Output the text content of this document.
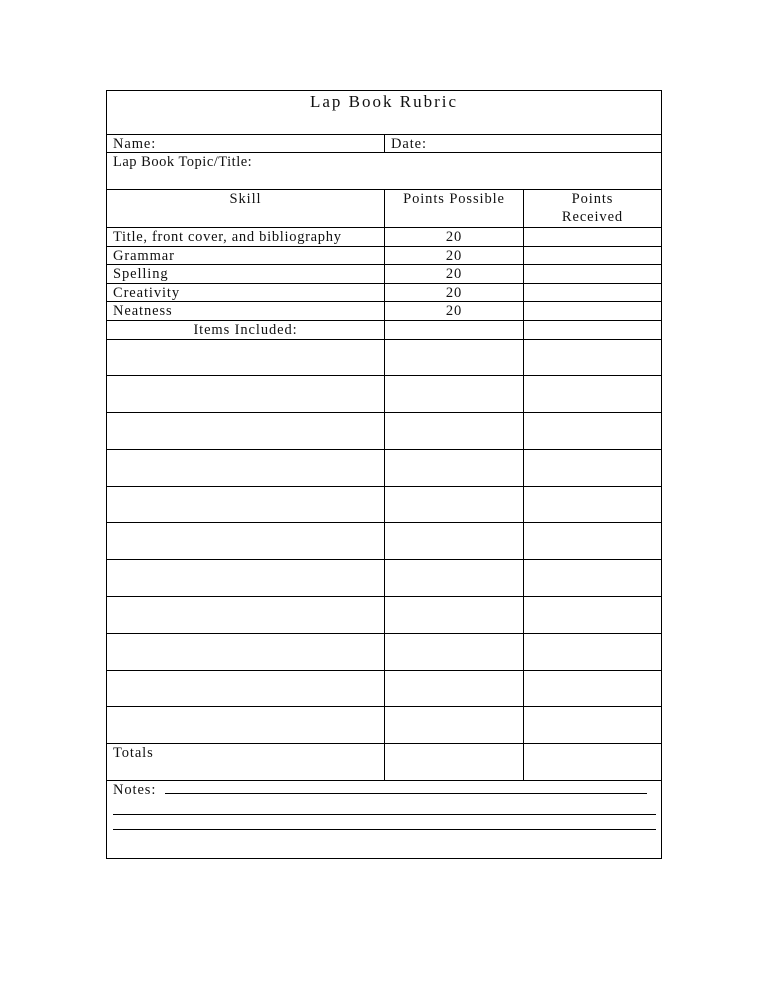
Lap Book Rubric
Name:	Date:
Lap Book Topic/Title:
Skill	Points Possible	Points Received
Title, front cover, and bibliography	20
Grammar	20
Spelling	20
Creativity	20
Neatness	20
Items Included:
Totals
Notes:
